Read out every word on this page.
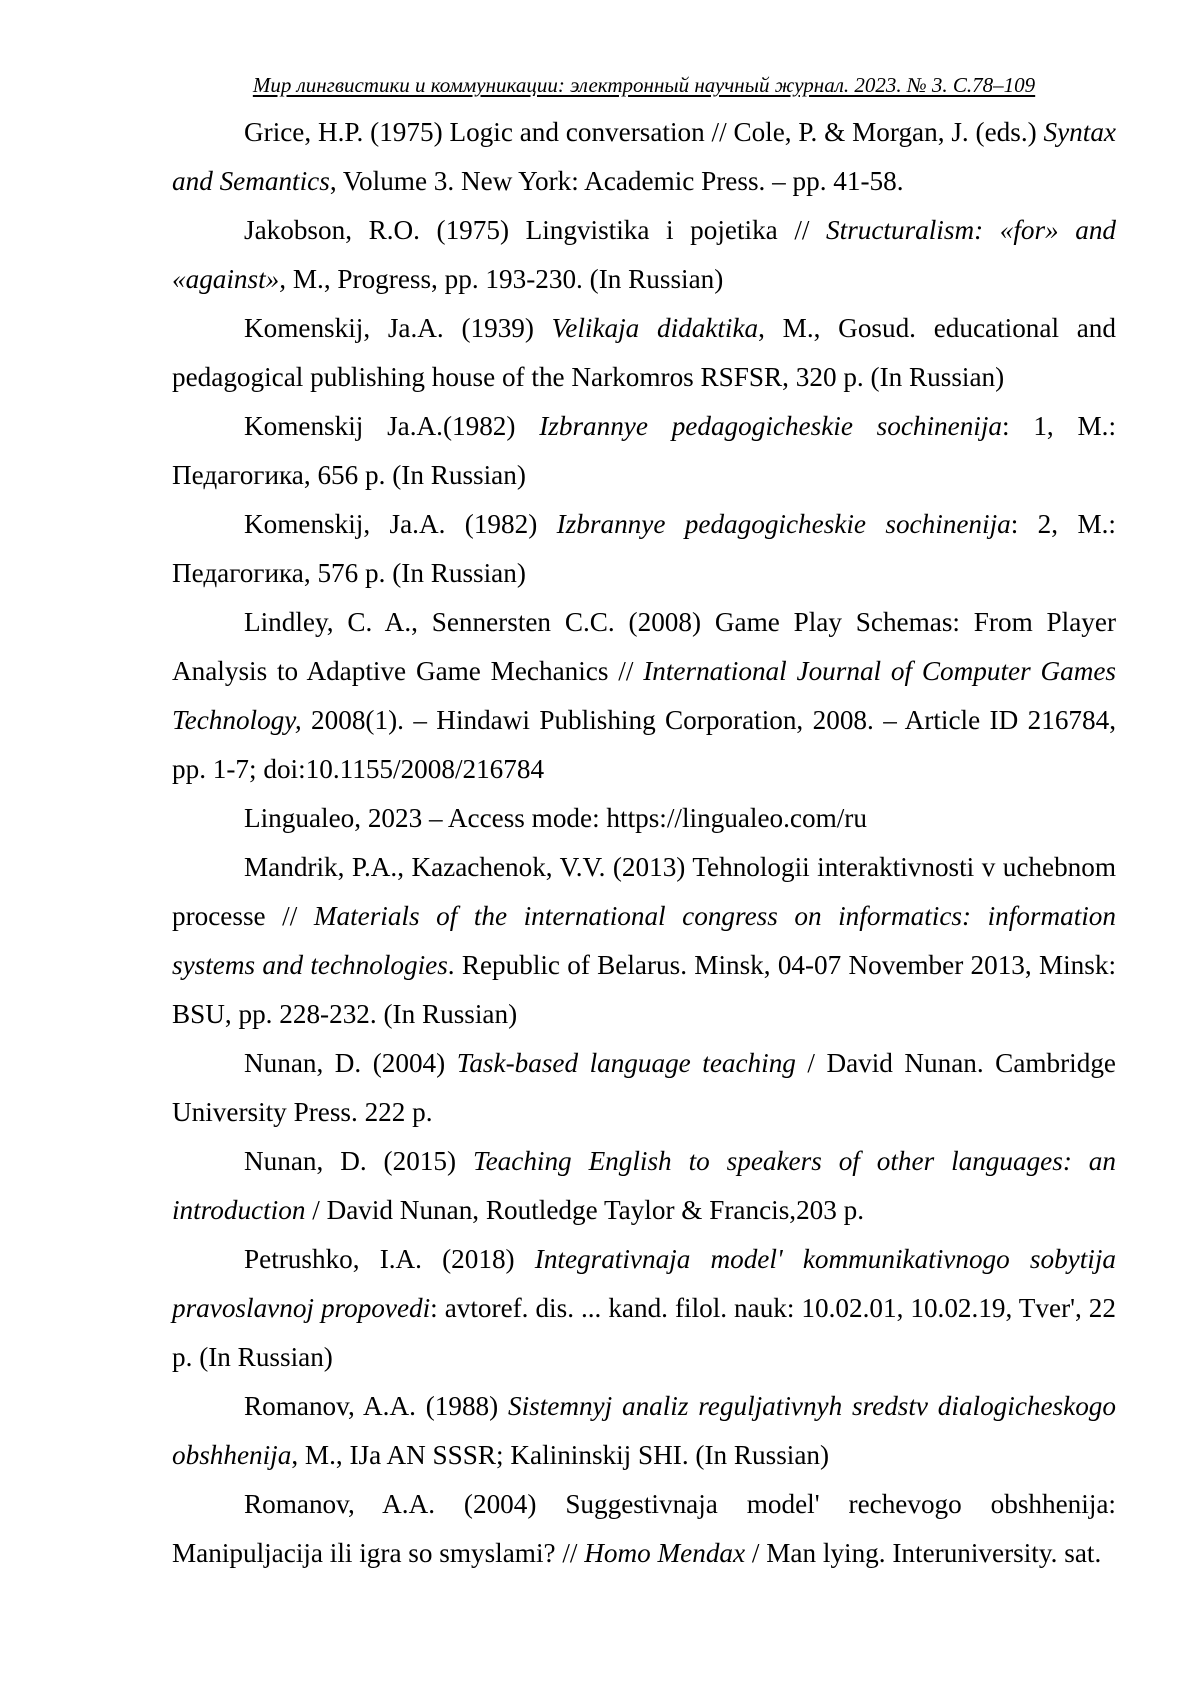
Мир лингвистики и коммуникации: электронный научный журнал. 2023. № 3. С.78–109

Grice, H.P. (1975) Logic and conversation // Cole, P. & Morgan, J. (eds.) Syntax and Semantics, Volume 3. New York: Academic Press. – pp. 41-58.

Jakobson, R.O. (1975) Lingvistika i pojetika // Structuralism: «for» and «against», M., Progress, pp. 193-230. (In Russian)

Komenskij, Ja.A. (1939) Velikaja didaktika, M., Gosud. educational and pedagogical publishing house of the Narkomros RSFSR, 320 p. (In Russian)

Komenskij Ja.A.(1982) Izbrannye pedagogicheskie sochinenija: 1, M.: Педагогика, 656 p. (In Russian)

Komenskij, Ja.A. (1982) Izbrannye pedagogicheskie sochinenija: 2, M.: Педагогика, 576 p. (In Russian)

Lindley, C. A., Sennersten C.C. (2008) Game Play Schemas: From Player Analysis to Adaptive Game Mechanics // International Journal of Computer Games Technology, 2008(1). – Hindawi Publishing Corporation, 2008. – Article ID 216784, pp. 1-7; doi:10.1155/2008/216784

Lingualeo, 2023 – Access mode: https://lingualeo.com/ru

Mandrik, P.A., Kazachenok, V.V. (2013) Tehnologii interaktivnosti v uchebnom processe // Materials of the international congress on informatics: information systems and technologies. Republic of Belarus. Minsk, 04-07 November 2013, Minsk: BSU, pp. 228-232. (In Russian)

Nunan, D. (2004) Task-based language teaching / David Nunan. Cambridge University Press. 222 p.

Nunan, D. (2015) Teaching English to speakers of other languages: an introduction / David Nunan, Routledge Taylor & Francis,203 p.

Petrushko, I.A. (2018) Integrativnaja model' kommunikativnogo sobytija pravoslavnoj propovedi: avtoref. dis. ... kand. filol. nauk: 10.02.01, 10.02.19, Tver', 22 p. (In Russian)

Romanov, A.A. (1988) Sistemnyj analiz reguljativnyh sredstv dialogicheskogo obshhenija, M., IJa AN SSSR; Kalininskij SHI. (In Russian)

Romanov, A.A. (2004) Suggestivnaja model' rechevogo obshhenija: Manipuljacija ili igra so smyslami? // Homo Mendax / Man lying. Interuniversity. sat.
